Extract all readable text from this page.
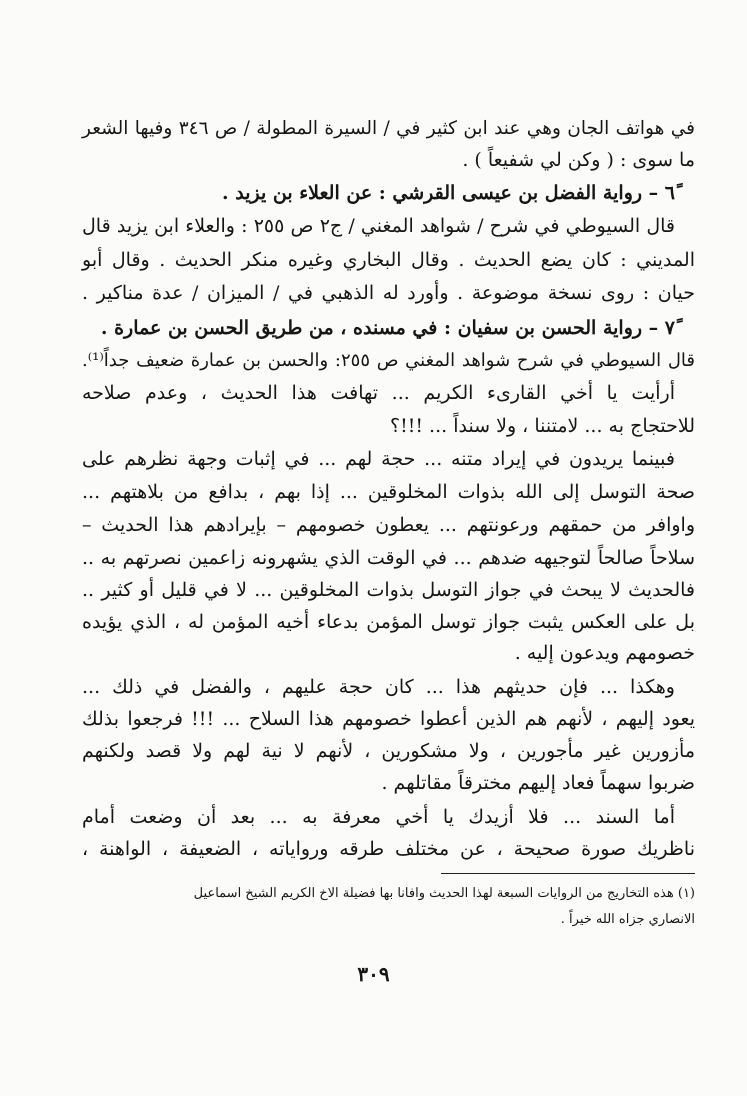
في هواتف الجان وهي عند ابن كثير في / السيرة المطولة / ص ٣٤٦ وفيها الشعر
ما سوى : ( وكن لي شفيعاً ) .
٦ً – رواية الفضل بن عيسى القرشي : عن العلاء بن يزيد .
قال السيوطي في شرح / شواهد المغني / ج٢ ص ٢٥٥ : والعلاء ابن يزيد قال
المديني : كان يضع الحديث . وقال البخاري وغيره منكر الحديث . وقال أبو
حيان : روى نسخة موضوعة . وأورد له الذهبي في / الميزان / عدة مناكير .
٧ً – رواية الحسن بن سفيان : في مسنده ، من طريق الحسن بن عمارة .
قال السيوطي في شرح شواهد المغني ص ٢٥٥: والحسن بن عمارة ضعيف جداً⁽¹⁾.
أرأيت يا أخي القارىء الكريم ... تهافت هذا الحديث ، وعدم صلاحه
للاحتجاج به ... لامتننا ، ولا سنداً ... !!!؟
فبينما يريدون في إيراد متنه ... حجة لهم ... في إثبات وجهة نظرهم على
صحة التوسل إلى الله بذوات المخلوقين ... إذا بهم ، بدافع من بلاهتهم ...
واوافر من حمقهم ورعونتهم ... يعطون خصومهم – بإيرادهم هذا الحديث –
سلاحاً صالحاً لتوجيهه ضدهم ... في الوقت الذي يشهرونه زاعمين نصرتهم به ..
فالحديث لا يبحث في جواز التوسل بذوات المخلوقين ... لا في قليل أو كثير ..
بل على العكس يثبت جواز توسل المؤمن بدعاء أخيه المؤمن له ، الذي يؤيده
خصومهم ويدعون إليه .
وهكذا ... فإن حديثهم هذا ... كان حجة عليهم ، والفضل في ذلك ...
يعود إليهم ، لأنهم هم الذين أعطوا خصومهم هذا السلاح ... !!! فرجعوا بذلك
مأزورين غير مأجورين ، ولا مشكورين ، لأنهم لا نية لهم ولا قصد ولكنهم
ضربوا سهماً فعاد إليهم مخترقاً مقاتلهم .
أما السند ... فلا أزيدك يا أخي معرفة به ... بعد أن وضعت أمام
ناظريك صورة صحيحة ، عن مختلف طرقه ورواياته ، الضعيفة ، الواهنة ،
(١) هذه التخاريج من الروايات السبعة لهذا الحديث وافانا بها فضيلة الاخ الكريم الشيخ اسماعيل
الانصاري جزاه الله خيراً .
٣٠٩
